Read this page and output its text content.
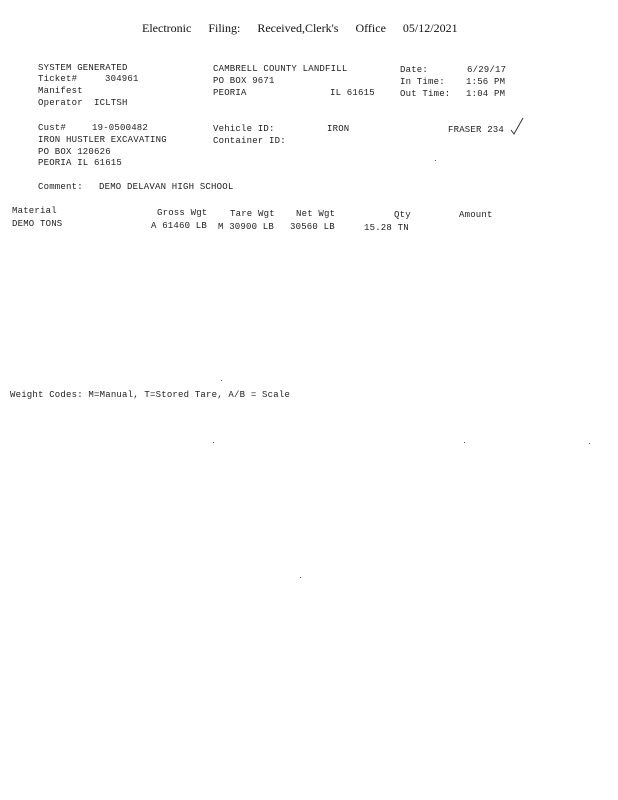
Electronic Filing: Received,Clerk's Office 05/12/2021
SYSTEM GENERATED
Ticket#	304961
Manifest
Operator ICLTSH
CAMBRELL COUNTY LANDFILL
PO BOX 9671
PEORIA	IL 61615
Date:	6/29/17
In Time: 1:56 PM
Out Time: 1:04 PM
Cust#	19-0500482
IRON HUSTLER EXCAVATING
PO BOX 120626
PEORIA IL 61615
Vehicle ID:	IRON
Container ID:
FRASER 234
Comment: DEMO DELAVAN HIGH SCHOOL
Material	Gross Wgt	Tare Wgt Net Wgt	Qty	Amount
DEMO TONS	A 61460 LB M 30900 LB 30560 LB	15.28 TN
Weight Codes: M=Manual, T=Stored Tare, A/B = Scale
